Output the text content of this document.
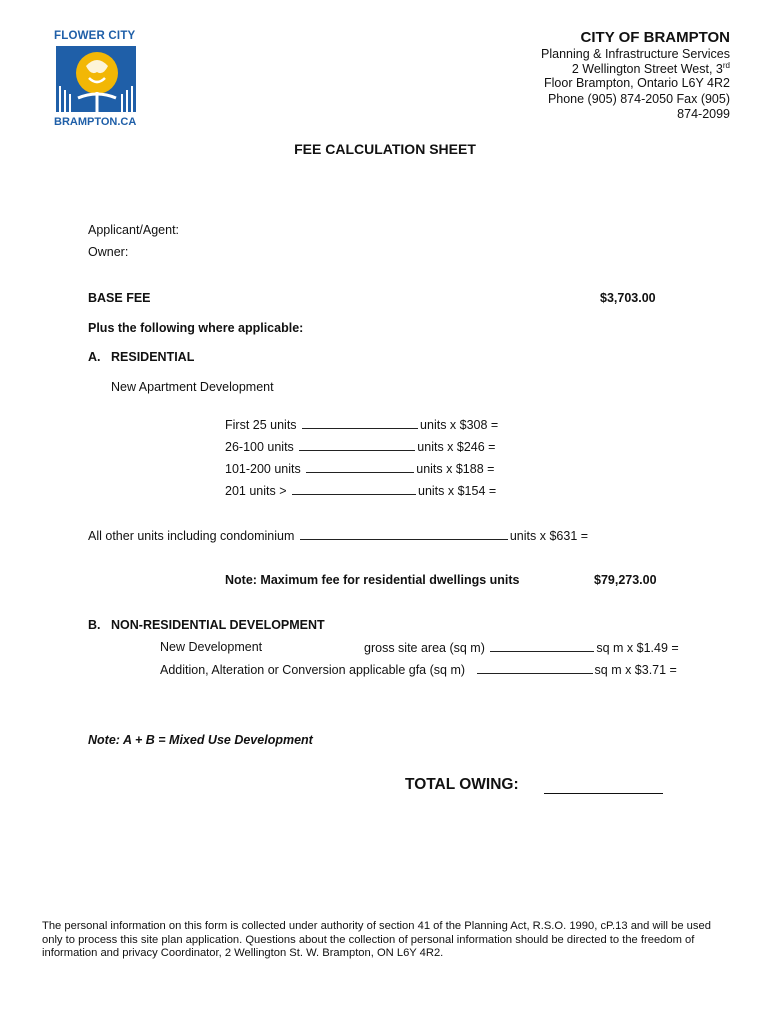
FLOWER CITY
BRAMPTON.CA
CITY OF BRAMPTON
Planning & Infrastructure Services
2 Wellington Street West, 3rd
Floor Brampton, Ontario L6Y 4R2
Phone (905) 874-2050 Fax (905)
874-2099
FEE CALCULATION SHEET
Applicant/Agent:
Owner:
BASE FEE	$3,703.00
Plus the following where applicable:
A. RESIDENTIAL
New Apartment Development
First 25 units	units x $308 =
26-100 units	units x $246 =
101-200 units	units x $188 =
201 units >	units x $154 =
All other units including condominium	units x $631 =
Note: Maximum fee for residential dwellings units	$79,273.00
B. NON-RESIDENTIAL DEVELOPMENT
New Development	gross site area (sq m)	sq m x $1.49 =
Addition, Alteration or Conversion applicable gfa (sq m)	sq m x $3.71 =
Note: A + B = Mixed Use Development
TOTAL OWING:
The personal information on this form is collected under authority of section 41 of the Planning Act, R.S.O. 1990, cP.13 and will be used only to process this site plan application. Questions about the collection of personal information should be directed to the freedom of information and privacy Coordinator, 2 Wellington St. W. Brampton, ON L6Y 4R2.
